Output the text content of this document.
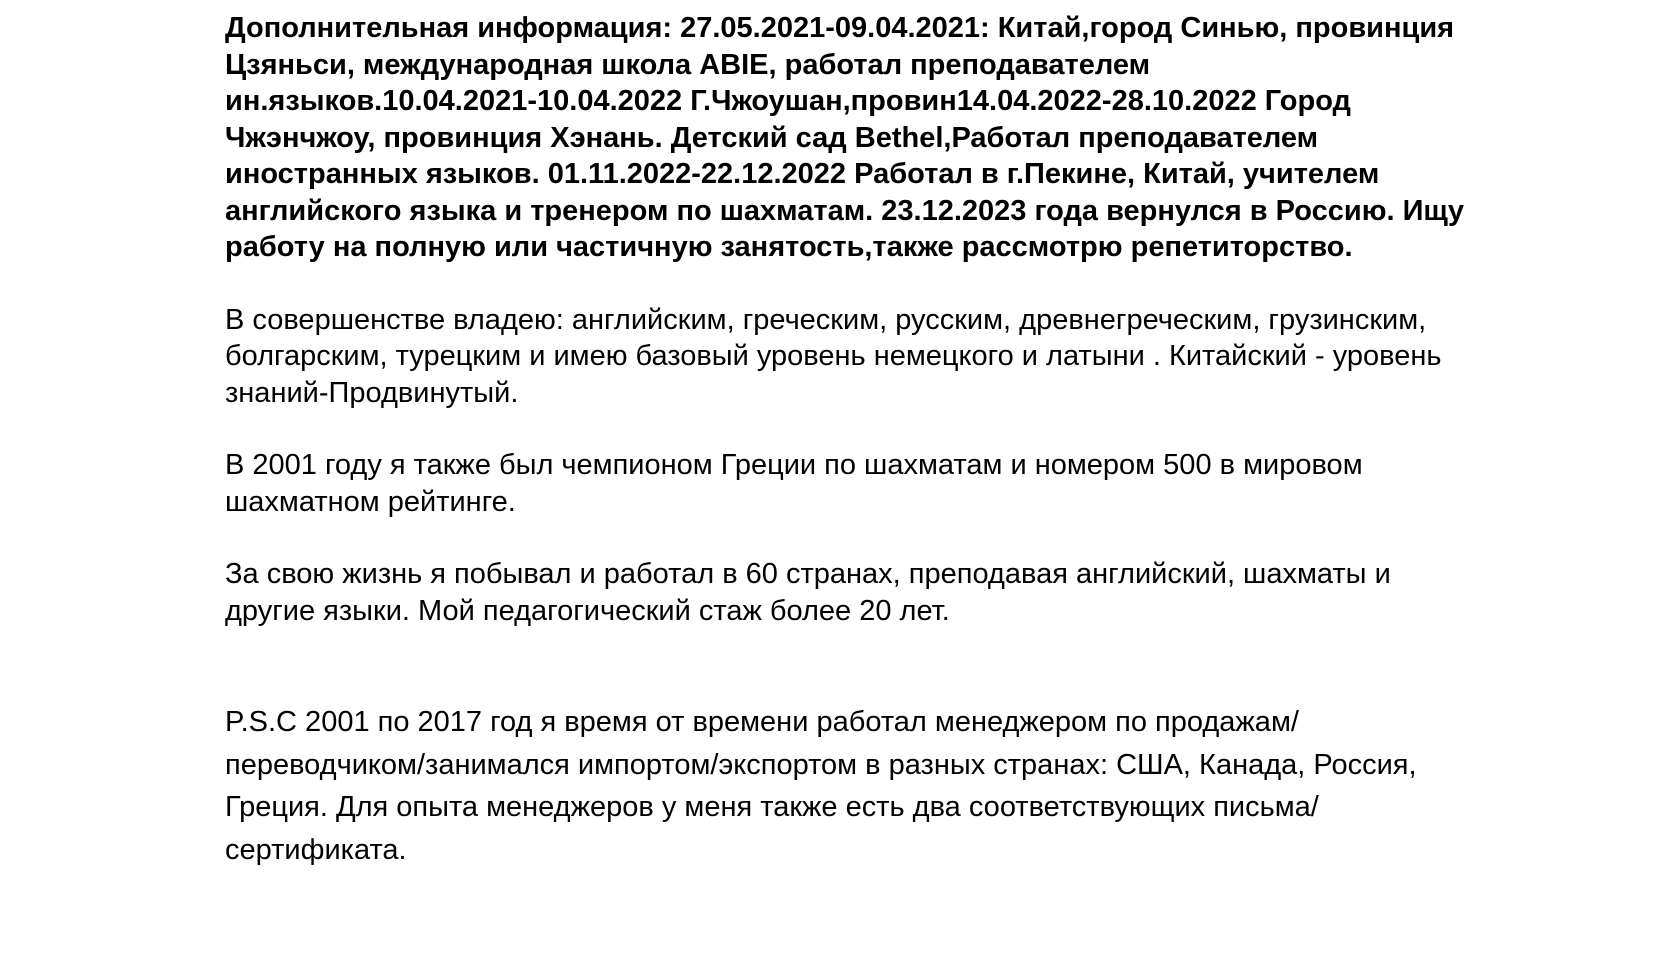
Дополнительная информация: 27.05.2021-09.04.2021: Китай,город Синью, провинция Цзяньси, международная школа ABIE, работал преподавателем ин.языков.10.04.2021-10.04.2022 Г.Чжоушан,провин14.04.2022-28.10.2022 Город Чжэнчжоу, провинция Хэнань. Детский сад Bethel,Работал преподавателем иностранных языков. 01.11.2022-22.12.2022 Работал в г.Пекине, Китай, учителем английского языка и тренером по шахматам. 23.12.2023 года вернулся в Россию. Ищу работу на полную или частичную занятость,также рассмотрю репетиторство.

В совершенстве владею: английским, греческим, русским, древнегреческим, грузинским, болгарским, турецким и имею базовый уровень немецкого и латыни . Китайский - уровень знаний-Продвинутый.

В 2001 году я также был чемпионом Греции по шахматам и номером 500 в мировом шахматном рейтинге.

За свою жизнь я побывал и работал в 60 странах, преподавая английский, шахматы и другие языки. Мой педагогический стаж более 20 лет.

P.S.С 2001 по 2017 год я время от времени работал менеджером по продажам/переводчиком/занимался импортом/экспортом в разных странах: США, Канада, Россия, Греция. Для опыта менеджеров у меня также есть два соответствующих письма/сертификата.
